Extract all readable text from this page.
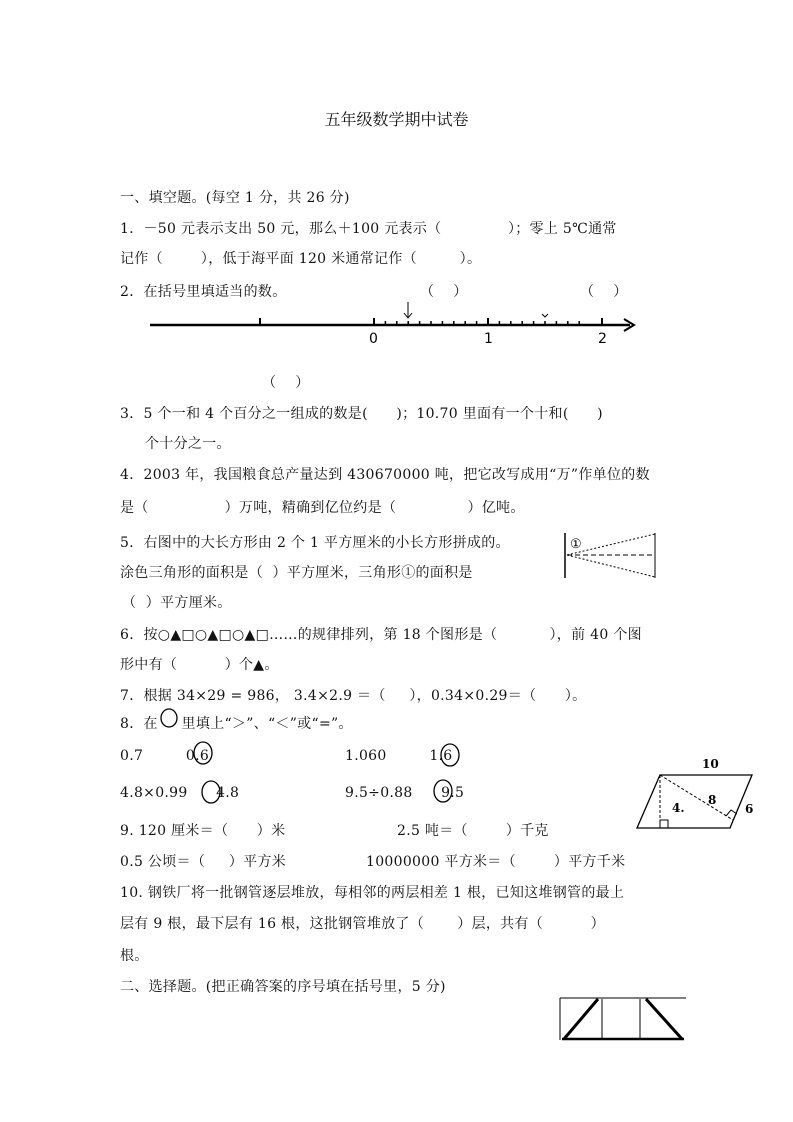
五年级数学期中试卷
一、填空题。(每空 1 分，共 26 分)
1．－50 元表示支出 50 元，那么＋100 元表示（              ）；零上 5℃通常
记作（        ），低于海平面 120 米通常记作（         ）。
2．在括号里填适当的数。	（    ）	（    ）
（    ）
3．5 个一和 4 个百分之一组成的数是(      )；10.70 里面有一个十和(      )
个十分之一。
4．2003 年，我国粮食总产量达到 430670000 吨，把它改写成用“万”作单位的数
是（                ）万吨，精确到亿位约是（               ）亿吨。
5．右图中的大长方形由 2 个 1 平方厘米的小长方形拼成的。
涂色三角形的面积是（  ）平方厘米，三角形①的面积是
（  ）平方厘米。
6．按○▲□○▲□○▲□……的规律排列，第 18 个图形是（           ），前 40 个图
形中有（          ）个▲。
7．根据 34×29 = 986， 3.4×2.9 ＝（     ），0.34×0.29＝（      ）。
8．在     里填上“＞”、“＜”或“=”。
0.7         0.6	1.060         1.6
4.8×0.99      4.8	9.5÷0.88      9.5
9. 120 厘米＝（      ）米	2.5 吨＝（        ）千克
0.5 公顷＝（     ）平方米	10000000 平方米＝（        ）平方千米
10. 钢铁厂将一批钢管逐层堆放，每相邻的两层相差 1 根，已知这堆钢管的最上
层有 9 根，最下层有 16 根，这批钢管堆放了（       ）层，共有（          ）
根。
二、选择题。(把正确答案的序号填在括号里，5 分)
0	1	2
①
10
8
6
4.
